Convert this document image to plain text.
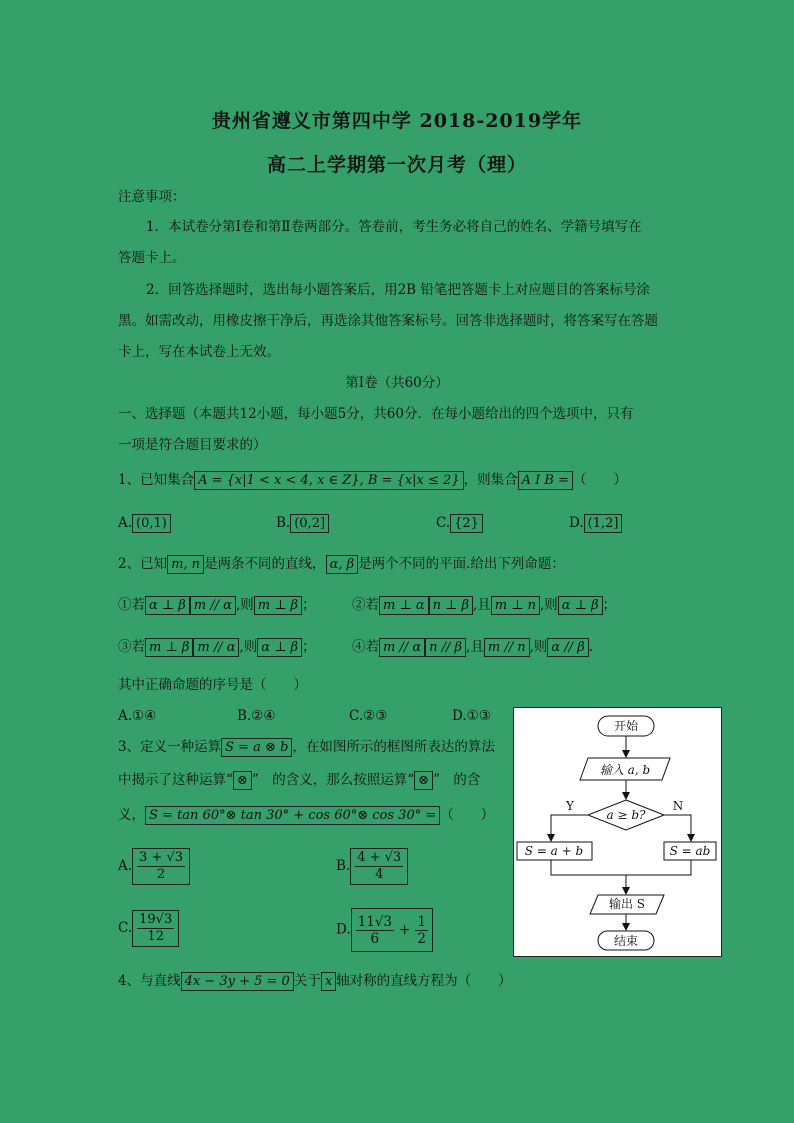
贵州省遵义市第四中学 2018-2019学年
高二上学期第一次月考（理）
注意事项：
1．本试卷分第Ⅰ卷和第Ⅱ卷两部分。答卷前，考生务必将自己的姓名、学籍号填写在
答题卡上。
2．回答选择题时，选出每小题答案后，用2B 铅笔把答题卡上对应题目的答案标号涂
黑。如需改动，用橡皮擦干净后，再选涂其他答案标号。回答非选择题时，将答案写在答题
卡上，写在本试卷上无效。
第Ⅰ卷（共60分）
一、选择题（本题共12小题，每小题5分，共60分．在每小题给出的四个选项中，只有
一项是符合题目要求的）
1、已知集合 A = {x|1 < x < 4, x ∈ Z}, B = {x|x ≤ 2} ，则集合 A I B = （　　）
A. (0,1)	B. (0,2]	C. {2}	D. (1,2]
2、已知 m, n 是两条不同的直线， α, β 是两个不同的平面.给出下列命题：
①若 α ⊥ β m // α ,则 m ⊥ β ；	②若 m ⊥ α n ⊥ β ,且 m ⊥ n ,则 α ⊥ β ；
③若 m ⊥ β m // α ,则 α ⊥ β ；	④若 m // α n // β ,且 m // n ,则 α // β .
其中正确命题的序号是（　　）
A.①④	B.②④	C.②③	D.①③
3、定义一种运算 S = a ⊗ b ，在如图所示的框图所表达的算法
中揭示了这种运算“ ⊗ ”　的含义，那么按照运算“ ⊗ ”　的含
义， S = tan 60°⊗ tan 30° + cos 60°⊗ cos 30° = （　　）
A. $\frac{3 + √3}{2}$	B. $\frac{4 + √3}{4}$
C. $\frac{19√3}{12}$	D. $\frac{11√3}{6} + \frac{1}{2}$
开始
输入 a, b
a ≥ b?
Y	N
S = a + b	S = ab
输出 S
结束
4、与直线 4x − 3y + 5 = 0 关于 x 轴对称的直线方程为（　　）
